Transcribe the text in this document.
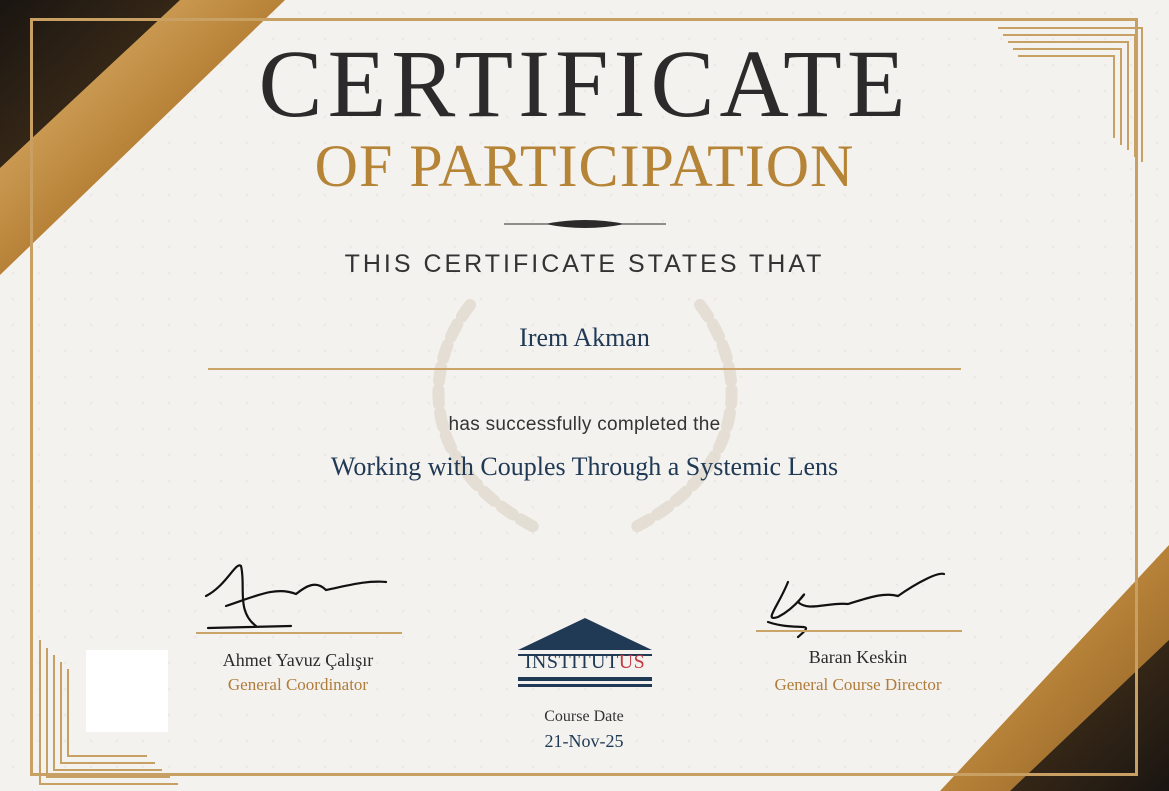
CERTIFICATE
OF PARTICIPATION

THIS CERTIFICATE STATES THAT

Irem Akman

has successfully completed the

Working with Couples Through a Systemic Lens

Ahmet Yavuz Çalışır
General Coordinator
Baran Keskin
General Course Director
INSTITUTUS
Course Date
21-Nov-25
